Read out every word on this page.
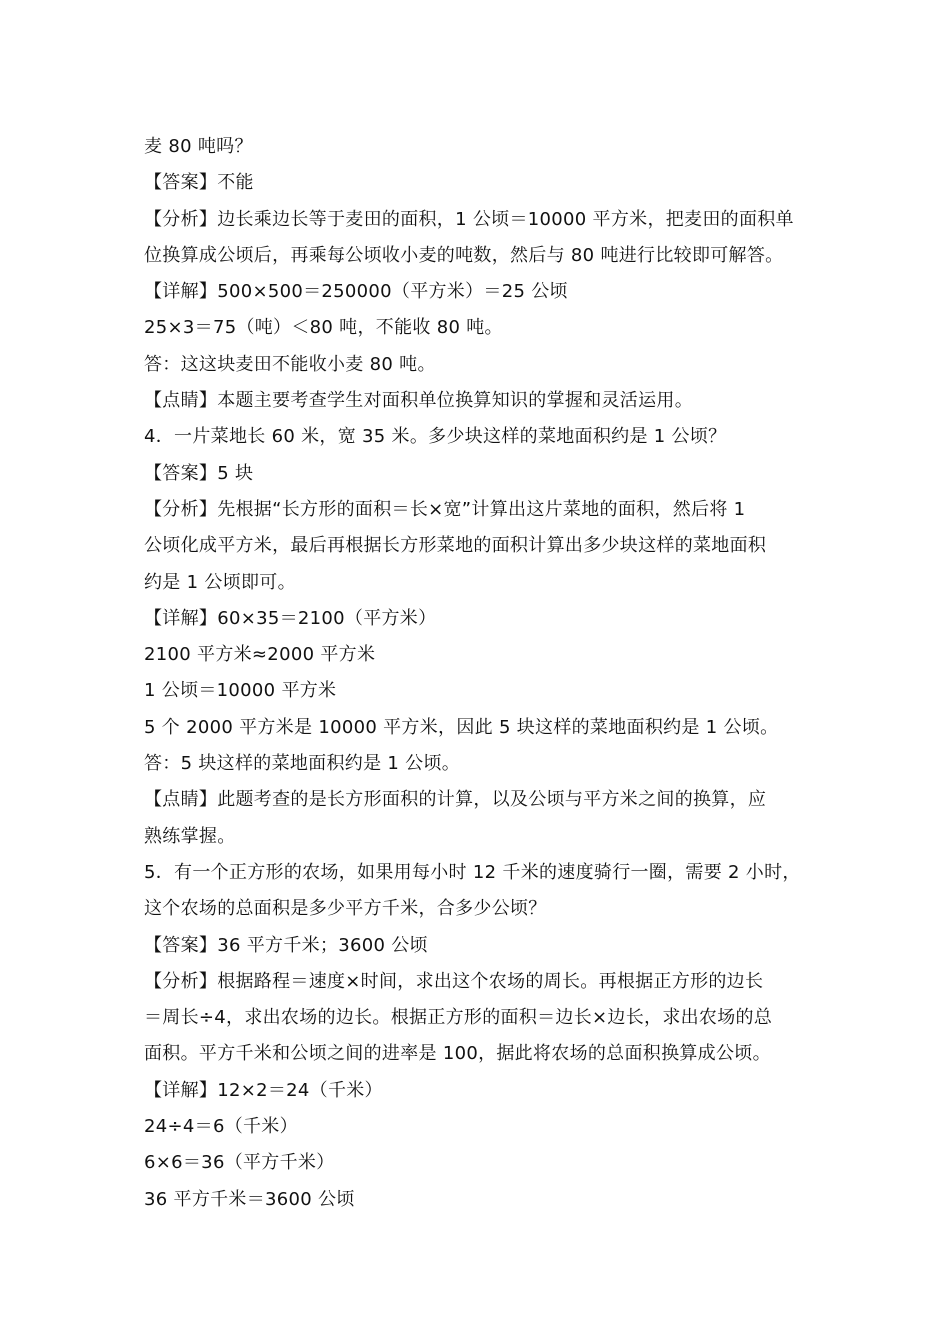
麦 80 吨吗？
【答案】不能
【分析】边长乘边长等于麦田的面积，1 公顷＝10000 平方米，把麦田的面积单
位换算成公顷后，再乘每公顷收小麦的吨数，然后与 80 吨进行比较即可解答。
【详解】500×500＝250000（平方米）＝25 公顷
25×3＝75（吨）＜80 吨，不能收 80 吨。
答：这这块麦田不能收小麦 80 吨。
【点睛】本题主要考查学生对面积单位换算知识的掌握和灵活运用。
4．一片菜地长 60 米，宽 35 米。多少块这样的菜地面积约是 1 公顷？
【答案】5 块
【分析】先根据“长方形的面积＝长×宽”计算出这片菜地的面积，然后将 1
公顷化成平方米，最后再根据长方形菜地的面积计算出多少块这样的菜地面积
约是 1 公顷即可。
【详解】60×35＝2100（平方米）
2100 平方米≈2000 平方米
1 公顷＝10000 平方米
5 个 2000 平方米是 10000 平方米，因此 5 块这样的菜地面积约是 1 公顷。
答：5 块这样的菜地面积约是 1 公顷。
【点睛】此题考查的是长方形面积的计算，以及公顷与平方米之间的换算，应
熟练掌握。
5．有一个正方形的农场，如果用每小时 12 千米的速度骑行一圈，需要 2 小时，
这个农场的总面积是多少平方千米，合多少公顷？
【答案】36 平方千米；3600 公顷
【分析】根据路程＝速度×时间，求出这个农场的周长。再根据正方形的边长
＝周长÷4，求出农场的边长。根据正方形的面积＝边长×边长，求出农场的总
面积。平方千米和公顷之间的进率是 100，据此将农场的总面积换算成公顷。
【详解】12×2＝24（千米）
24÷4＝6（千米）
6×6＝36（平方千米）
36 平方千米＝3600 公顷
